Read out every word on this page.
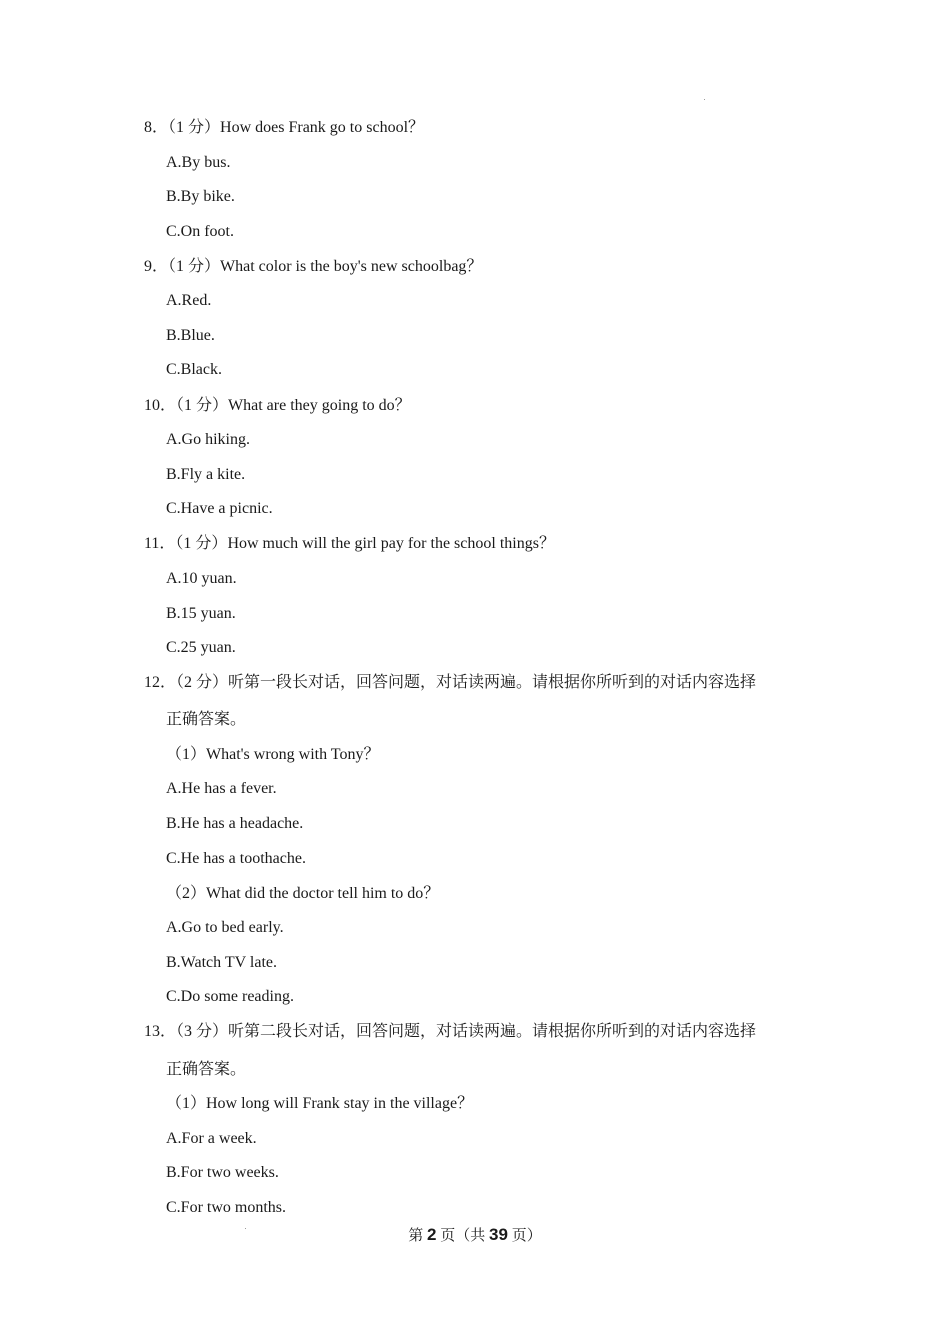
8．（1 分）How does Frank go to school？
A.By bus.
B.By bike.
C.On foot.
9．（1 分）What color is the boy's new schoolbag？
A.Red.
B.Blue.
C.Black.
10．（1 分）What are they going to do？
A.Go hiking.
B.Fly a kite.
C.Have a picnic.
11．（1 分）How much will the girl pay for the school things？
A.10 yuan.
B.15 yuan.
C.25 yuan.
12．（2 分）听第一段长对话，回答问题，对话读两遍。请根据你所听到的对话内容选择
正确答案。
（1）What's wrong with Tony？
A.He has a fever.
B.He has a headache.
C.He has a toothache.
（2）What did the doctor tell him to do？
A.Go to bed early.
B.Watch TV late.
C.Do some reading.
13．（3 分）听第二段长对话，回答问题，对话读两遍。请根据你所听到的对话内容选择
正确答案。
（1）How long will Frank stay in the village？
A.For a week.
B.For two weeks.
C.For two months.
第 2 页（共 39 页）
